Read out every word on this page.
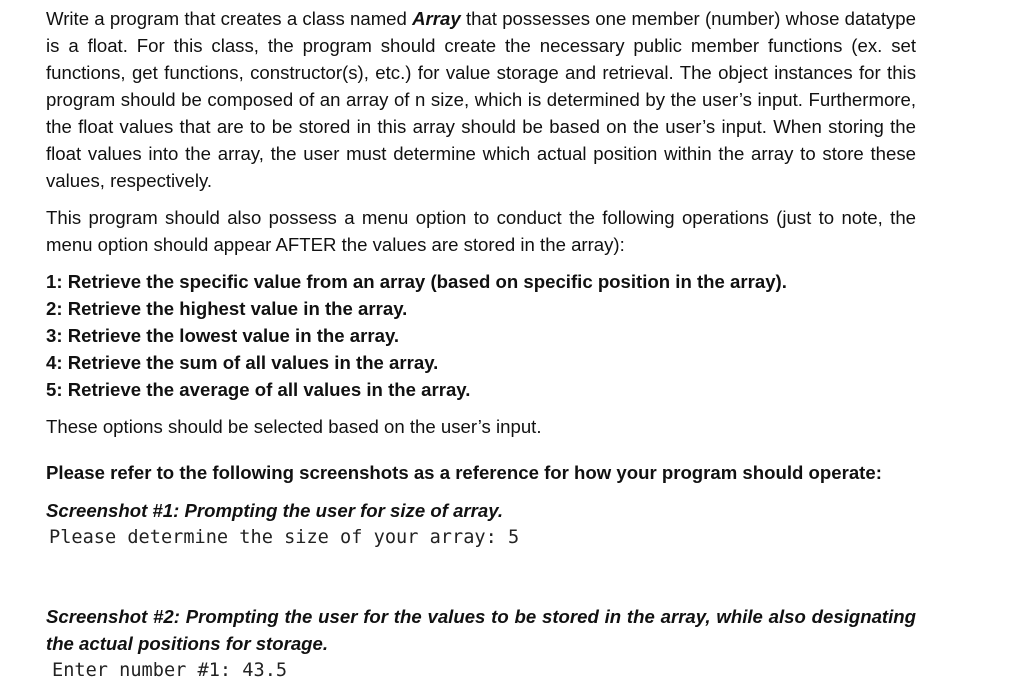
Write a program that creates a class named Array that possesses one member (number) whose datatype is a float. For this class, the program should create the necessary public member functions (ex. set functions, get functions, constructor(s), etc.) for value storage and retrieval. The object instances for this program should be composed of an array of n size, which is determined by the user’s input. Furthermore, the float values that are to be stored in this array should be based on the user’s input. When storing the float values into the array, the user must determine which actual position within the array to store these values, respectively.

This program should also possess a menu option to conduct the following operations (just to note, the menu option should appear AFTER the values are stored in the array):

1: Retrieve the specific value from an array (based on specific position in the array).
2: Retrieve the highest value in the array.
3: Retrieve the lowest value in the array.
4: Retrieve the sum of all values in the array.
5: Retrieve the average of all values in the array.

These options should be selected based on the user’s input.

Please refer to the following screenshots as a reference for how your program should operate:
Screenshot #1: Prompting the user for size of array.
Please determine the size of your array: 5
Screenshot #2: Prompting the user for the values to be stored in the array, while also designating the actual positions for storage.
Enter number #1: 43.5
